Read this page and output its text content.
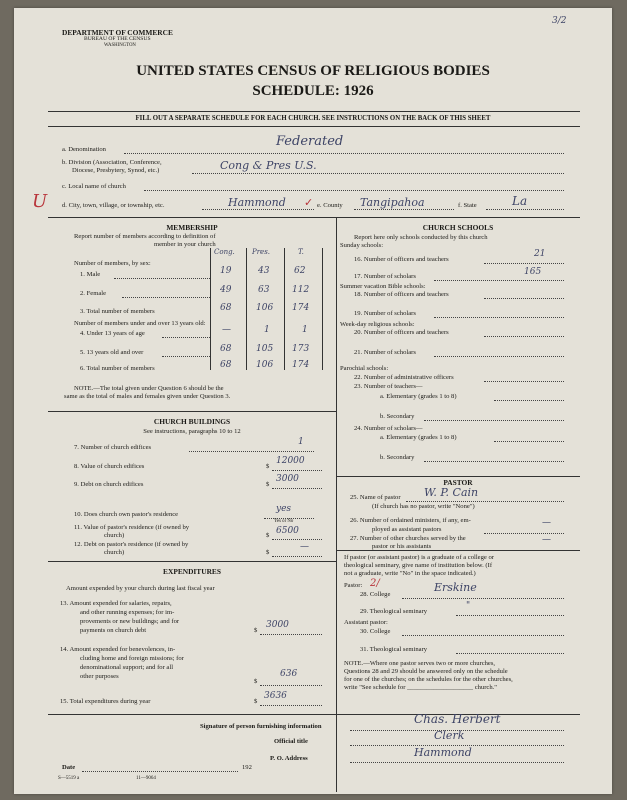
3/2
DEPARTMENT OF COMMERCE
BUREAU OF THE CENSUS
WASHINGTON
UNITED STATES CENSUS OF RELIGIOUS BODIES
SCHEDULE: 1926
FILL OUT A SEPARATE SCHEDULE FOR EACH CHURCH. SEE INSTRUCTIONS ON THE BACK OF THIS SHEET
a. Denomination
Federated
b. Division (Association, Conference,
Diocese, Presbytery, Synod, etc.)	Cong & Pres U.S.
c. Local name of church
U d. City, town, village, or township, etc.	Hammond ✓ e. County Tangipahoa	f. State	La
MEMBERSHIP
Report number of members according to definition of
member in your church
Number of members, by sex:
Cong. Pres.	T.
1. Male	19	43	62
2. Female	49	63	112
3. Total number of members	68	106 174
Number of members under and over 13 years old:
4. Under 13 years of age	—	1	1
5. 13 years old and over	68	105 173
6. Total number of members	68	106 174
NOTE.—The total given under Question 6 should be the
same as the total of males and females given under Question 3.
CHURCH BUILDINGS
See instructions, paragraphs 10 to 12
7. Number of church edifices
1
8. Value of church edifices	$
12000
9. Debt on church edifices	$
3000
10. Does church own pastor's residence
yes
Yes or No
11. Value of pastor's residence (if owned by
church)	$ 6500
12. Debt on pastor's residence (if owned by
church)	$
—
EXPENDITURES
Amount expended by your church during last fiscal year
13. Amount expended for salaries, repairs,
and other running expenses; for im-
provements or new buildings; and for
payments on church debt	$
3000
14. Amount expended for benevolences, in-
cluding home and foreign missions; for
denominational support; and for all
other purposes
$
636
15. Total expenditures during year	$
3636
CHURCH SCHOOLS
Report here only schools conducted by this church
Sunday schools:
16. Number of officers and teachers
21
17. Number of scholars	165
Summer vacation Bible schools:
18. Number of officers and teachers
19. Number of scholars
Week-day religious schools:
20. Number of officers and teachers
21. Number of scholars
Parochial schools:
22. Number of administrative officers
23. Number of teachers—
a. Elementary (grades 1 to 8)
b. Secondary
24. Number of scholars—
a. Elementary (grades 1 to 8)
b. Secondary
PASTOR
25. Name of pastor W. P. Cain
(If church has no pastor, write "None")
26. Number of ordained ministers, if any, em-
ployed as assistant pastors
—
27. Number of other churches served by the
pastor or his assistants
—
If pastor (or assistant pastor) is a graduate of a college or
theological seminary, give name of institution below. (If
not a graduate, write "No" in the space indicated.)
Pastor: 2/
28. College
Erskine
29. Theological seminary
"
Assistant pastor:
30. College
31. Theological seminary
NOTE.—Where one pastor serves two or more churches,
Questions 28 and 29 should be answered only on the schedule
for one of the churches; on the schedules for the other churches,
write "See schedule for ____________________ church."
Signature of person furnishing information
Chas. Herbert
Official title	Clerk
Date	192
P. O. Address	Hammond
S—5519 a	11—9064
